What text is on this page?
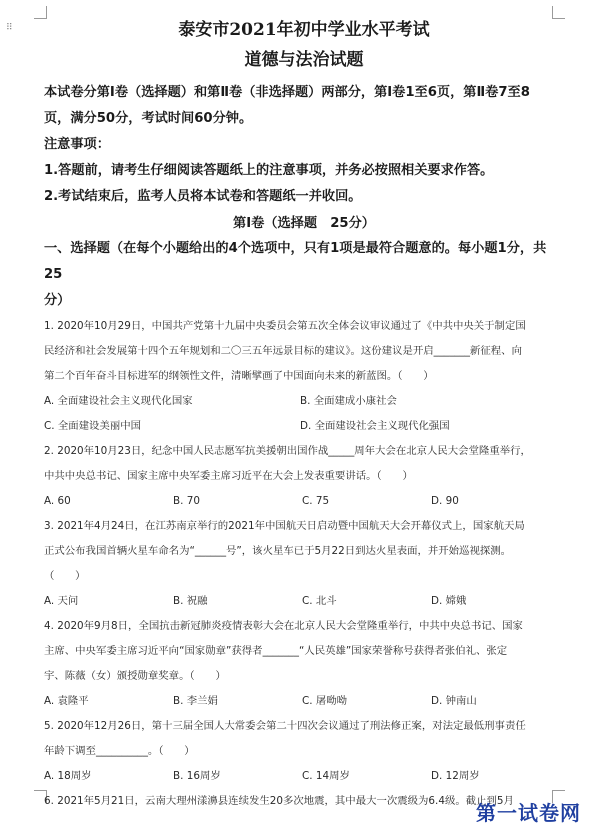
⠿	泰安市2021年初中学业水平考试
道德与法治试题
本试卷分第Ⅰ卷（选择题）和第Ⅱ卷（非选择题）两部分，第Ⅰ卷1至6页，第Ⅱ卷7至8
页，满分50分，考试时间60分钟。
注意事项：
1.答题前，请考生仔细阅读答题纸上的注意事项，并务必按照相关要求作答。
2.考试结束后，监考人员将本试卷和答题纸一并收回。
第Ⅰ卷（选择题　25分）
一、选择题（在每个小题给出的4个选项中，只有1项是最符合题意的。每小题1分，共25
分）
1. 2020年10月29日，中国共产党第十九届中央委员会第五次全体会议审议通过了《中共中央关于制定国
民经济和社会发展第十四个五年规划和二〇三五年远景目标的建议》。这份建议是开启_______新征程、向
第二个百年奋斗目标进军的纲领性文件，清晰擘画了中国面向未来的新蓝图。（　　）
A. 全面建设社会主义现代化国家	B. 全面建成小康社会
C. 全面建设美丽中国	D. 全面建设社会主义现代化强国
2. 2020年10月23日，纪念中国人民志愿军抗美援朝出国作战_____周年大会在北京人民大会堂隆重举行，
中共中央总书记、国家主席中央军委主席习近平在大会上发表重要讲话。（　　）
A. 60	B. 70	C. 75	D. 90
3. 2021年4月24日，在江苏南京举行的2021年中国航天日启动暨中国航天大会开幕仪式上，国家航天局
正式公布我国首辆火星车命名为“______号”，该火星车已于5月22日到达火星表面，并开始巡视探测。
（　　）
A. 天问	B. 祝融	C. 北斗	D. 嫦娥
4. 2020年9月8日，全国抗击新冠肺炎疫情表彰大会在北京人民大会堂隆重举行，中共中央总书记、国家
主席、中央军委主席习近平向“国家勋章”获得者_______“人民英雄”国家荣誉称号获得者张伯礼、张定
宇、陈薇（女）颁授勋章奖章。（　　）
A. 袁隆平	B. 李兰娟	C. 屠呦呦	D. 钟南山
5. 2020年12月26日，第十三届全国人大常委会第二十四次会议通过了刑法修正案，对法定最低刑事责任
年龄下调至__________。（　　）
A. 18周岁	B. 16周岁	C. 14周岁	D. 12周岁
6. 2021年5月21日，云南大理州漾濞县连续发生20多次地震，其中最大一次震级为6.4级。截止到5月
第一试卷网
